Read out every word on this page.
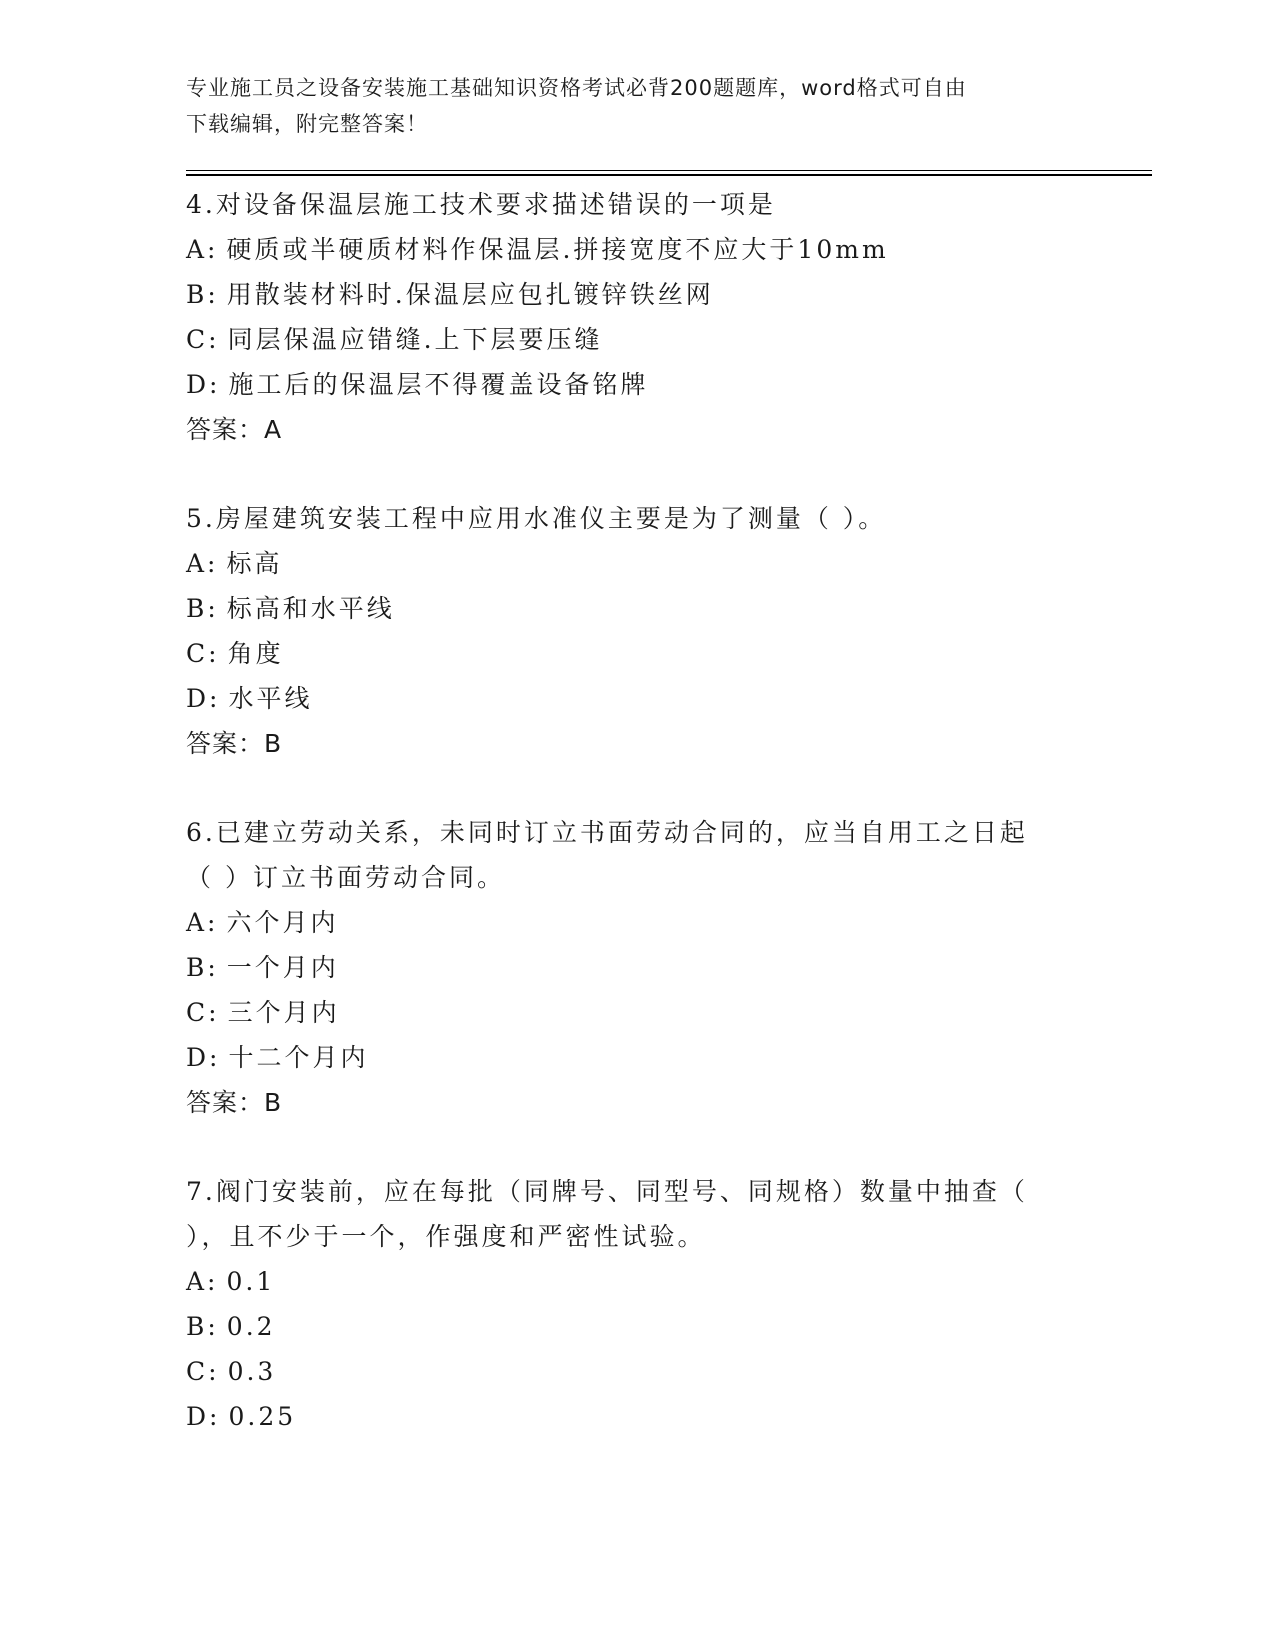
专业施工员之设备安装施工基础知识资格考试必背200题题库，word格式可自由

下载编辑，附完整答案！

4.对设备保温层施工技术要求描述错误的一项是

A: 硬质或半硬质材料作保温层.拼接宽度不应大于10mm

B: 用散装材料时.保温层应包扎镀锌铁丝网

C: 同层保温应错缝.上下层要压缝

D: 施工后的保温层不得覆盖设备铭牌

答案：A

5.房屋建筑安装工程中应用水准仪主要是为了测量（ ）。

A: 标高

B: 标高和水平线

C: 角度

D: 水平线

答案：B

6.已建立劳动关系，未同时订立书面劳动合同的，应当自用工之日起

（ ）订立书面劳动合同。

A: 六个月内

B: 一个月内

C: 三个月内

D: 十二个月内

答案：B

7.阀门安装前，应在每批（同牌号、同型号、同规格）数量中抽查（

），且不少于一个，作强度和严密性试验。

A: 0.1

B: 0.2

C: 0.3

D: 0.25
